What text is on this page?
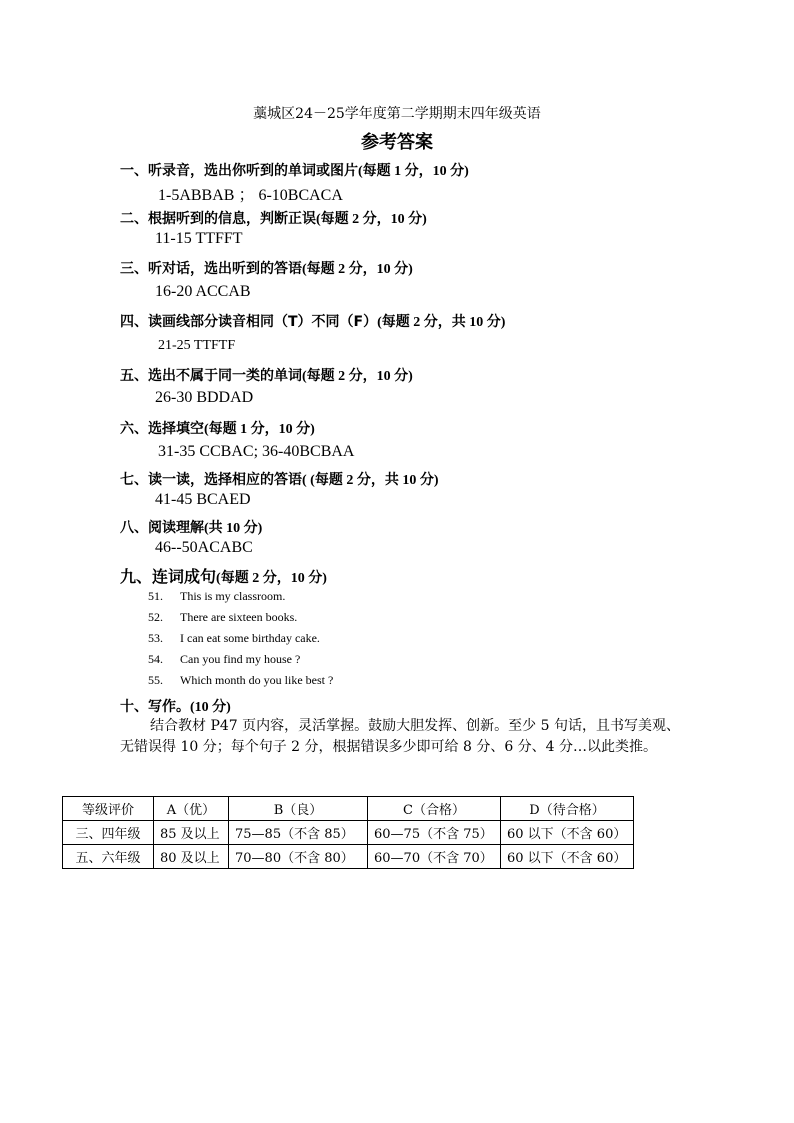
藁城区24－25学年度第二学期期末四年级英语
参考答案
一、听录音，选出你听到的单词或图片(每题 1 分，10 分)
1-5ABBAB ； 6-10BCACA
二、根据听到的信息，判断正误(每题 2 分，10 分)
11-15 TTFFT
三、听对话，选出听到的答语(每题 2 分，10 分)
16-20 ACCAB
四、读画线部分读音相同（T）不同（F）(每题 2 分，共 10 分)
21-25 TTFTF
五、选出不属于同一类的单词(每题 2 分，10 分)
26-30 BDDAD
六、选择填空(每题 1 分，10 分)
31-35 CCBAC; 36-40BCBAA
七、读一读，选择相应的答语( (每题 2 分，共 10 分)
41-45 BCAED
八、阅读理解(共 10 分)
46--50ACABC
九、连词成句(每题 2 分，10 分)
51. This is my classroom.
52. There are sixteen books.
53. I can eat some birthday cake.
54. Can you find my house ?
55. Which month do you like best ?
十、写作。(10 分)
结合教材 P47 页内容，灵活掌握。鼓励大胆发挥、创新。至少 5 句话，且书写美观、无错误得 10 分；每个句子 2 分，根据错误多少即可给 8 分、6 分、4 分…以此类推。
等级评价	A（优）	B（良）	C（合格）	D（待合格）
三、四年级	85 及以上	75—85（不含 85）	60—75（不含 75）	60 以下（不含 60）
五、六年级	80 及以上	70—80（不含 80）	60—70（不含 70）	60 以下（不含 60）
